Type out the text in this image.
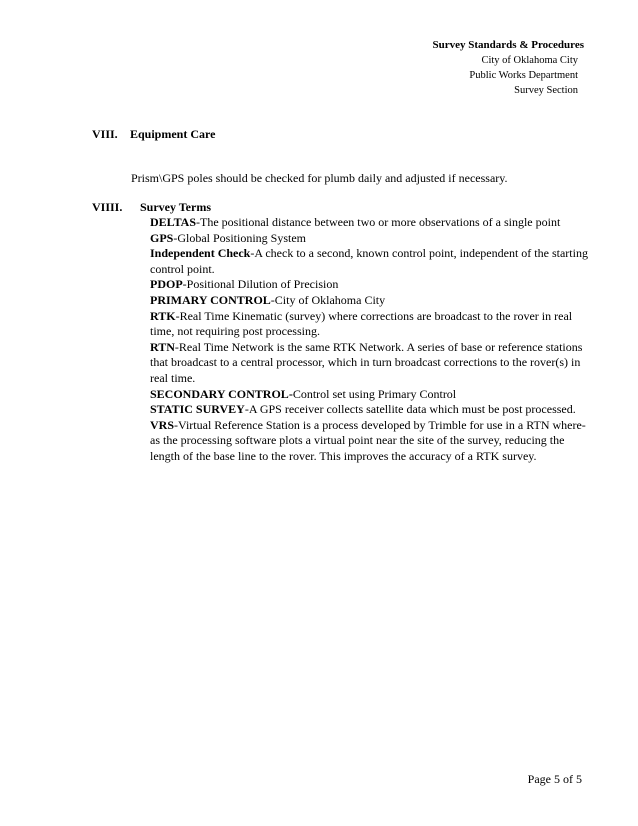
Survey Standards & Procedures
City of Oklahoma City
Public Works Department
Survey Section
VIII. Equipment Care
Prism\GPS poles should be checked for plumb daily and adjusted if necessary.
VIIII. Survey Terms

DELTAS-The positional distance between two or more observations of a single point

GPS-Global Positioning System

Independent Check-A check to a second, known control point, independent of the starting control point.

PDOP-Positional Dilution of Precision

PRIMARY CONTROL-City of Oklahoma City

RTK-Real Time Kinematic (survey) where corrections are broadcast to the rover in real time, not requiring post processing.

RTN-Real Time Network is the same RTK Network. A series of base or reference stations that broadcast to a central processor, which in turn broadcast corrections to the rover(s) in real time.

SECONDARY CONTROL-Control set using Primary Control

STATIC SURVEY-A GPS receiver collects satellite data which must be post processed.

VRS-Virtual Reference Station is a process developed by Trimble for use in a RTN where-as the processing software plots a virtual point near the site of the survey, reducing the length of the base line to the rover. This improves the accuracy of a RTK survey.

Page 5 of 5
